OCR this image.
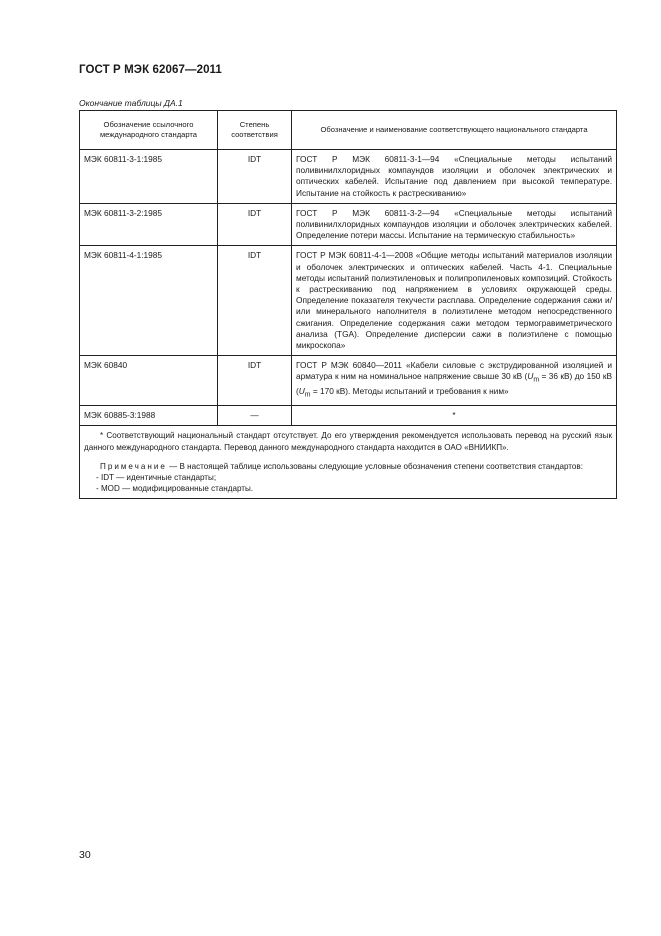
ГОСТ Р МЭК 62067—2011
Окончание таблицы ДА.1
Обозначение ссылочного международного стандарта	Степень соответствия	Обозначение и наименование соответствующего национального стандарта
МЭК 60811-3-1:1985	IDT	ГОСТ Р МЭК 60811-3-1—94 «Специальные методы испытаний поливинилхлоридных компаундов изоляции и оболочек электрических и оптических кабелей. Испытание под давлением при высокой температуре. Испытание на стойкость к растрескиванию»
МЭК 60811-3-2:1985	IDT	ГОСТ Р МЭК 60811-3-2—94 «Специальные методы испытаний поливинилхлоридных компаундов изоляции и оболочек электрических кабелей. Определение потери массы. Испытание на термическую стабильность»
МЭК 60811-4-1:1985	IDT	ГОСТ Р МЭК 60811-4-1—2008 «Общие методы испытаний материалов изоляции и оболочек электрических и оптических кабелей. Часть 4-1. Специальные методы испытаний полиэтиленовых и полипропиленовых композиций. Стойкость к растрескиванию под напряжением в условиях окружающей среды. Определение показателя текучести расплава. Определение содержания сажи и/или минерального наполнителя в полиэтилене методом непосредственного сжигания. Определение содержания сажи методом термогравиметрического анализа (TGA). Определение дисперсии сажи в полиэтилене с помощью микроскопа»
МЭК 60840	IDT	ГОСТ Р МЭК 60840—2011 «Кабели силовые с экструдированной изоляцией и арматура к ним на номинальное напряжение свыше 30 кВ ($U_m = 36$ кВ) до 150 кВ ($U_m = 170$ кВ). Методы испытаний и требования к ним»
МЭК 60885-3:1988	—	*

* Соответствующий национальный стандарт отсутствует. До его утверждения рекомендуется использовать перевод на русский язык данного международного стандарта. Перевод данного международного стандарта находится в ОАО «ВНИИКП».

Примечание — В настоящей таблице использованы следующие условные обозначения степени соответствия стандартов:

- IDT — идентичные стандарты;
- MOD — модифицированные стандарты.		
30
